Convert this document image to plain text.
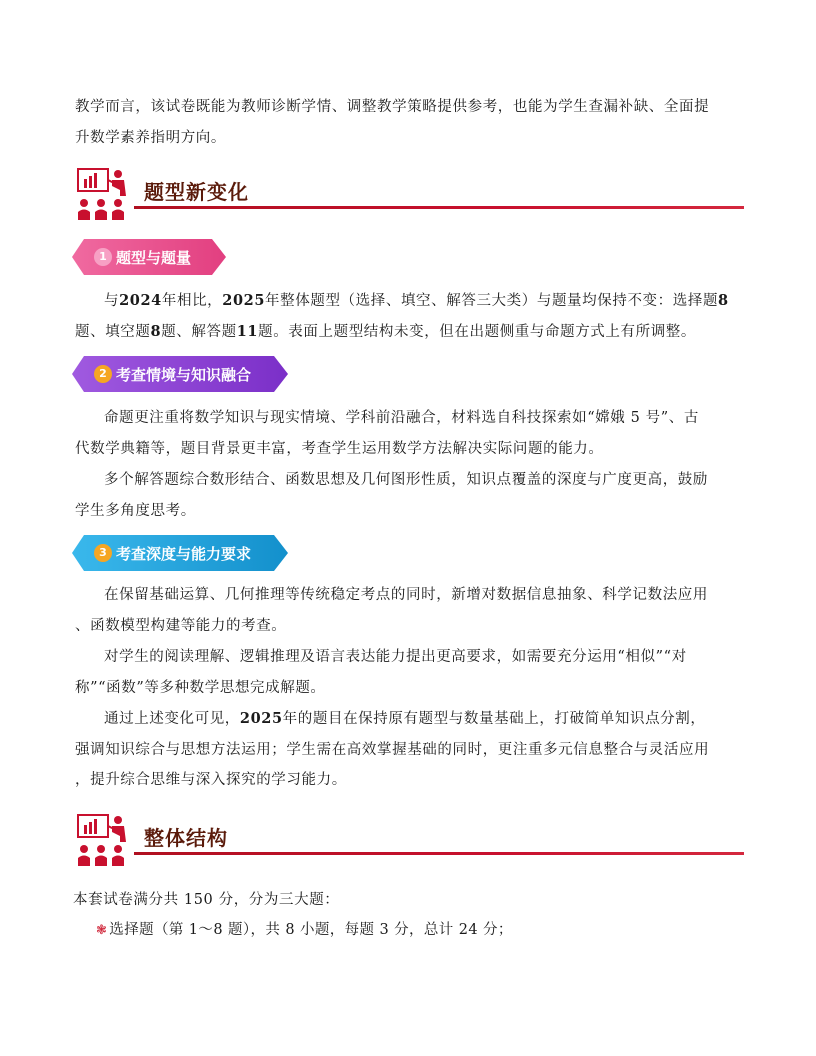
教学而言，该试卷既能为教师诊断学情、调整教学策略提供参考，也能为学生查漏补缺、全面提
升数学素养指明方向。

题型新变化
1 题型与题量

与2024年相比，2025年整体题型（选择、填空、解答三大类）与题量均保持不变：选择题8
题、填空题8题、解答题11题。表面上题型结构未变，但在出题侧重与命题方式上有所调整。

2 考查情境与知识融合

命题更注重将数学知识与现实情境、学科前沿融合，材料选自科技探索如“嫦娥 5 号”、古
代数学典籍等，题目背景更丰富，考查学生运用数学方法解决实际问题的能力。

多个解答题综合数形结合、函数思想及几何图形性质，知识点覆盖的深度与广度更高，鼓励
学生多角度思考。

3 考查深度与能力要求

在保留基础运算、几何推理等传统稳定考点的同时，新增对数据信息抽象、科学记数法应用
、函数模型构建等能力的考查。

对学生的阅读理解、逻辑推理及语言表达能力提出更高要求，如需要充分运用“相似”“对
称”“函数”等多种数学思想完成解题。

通过上述变化可见，2025年的题目在保持原有题型与数量基础上，打破简单知识点分割，
强调知识综合与思想方法运用；学生需在高效掌握基础的同时，更注重多元信息整合与灵活应用
，提升综合思维与深入探究的学习能力。

整体结构

本套试卷满分共 150 分，分为三大题：

❃ 选择题（第 1～8 题），共 8 小题，每题 3 分，总计 24 分；
